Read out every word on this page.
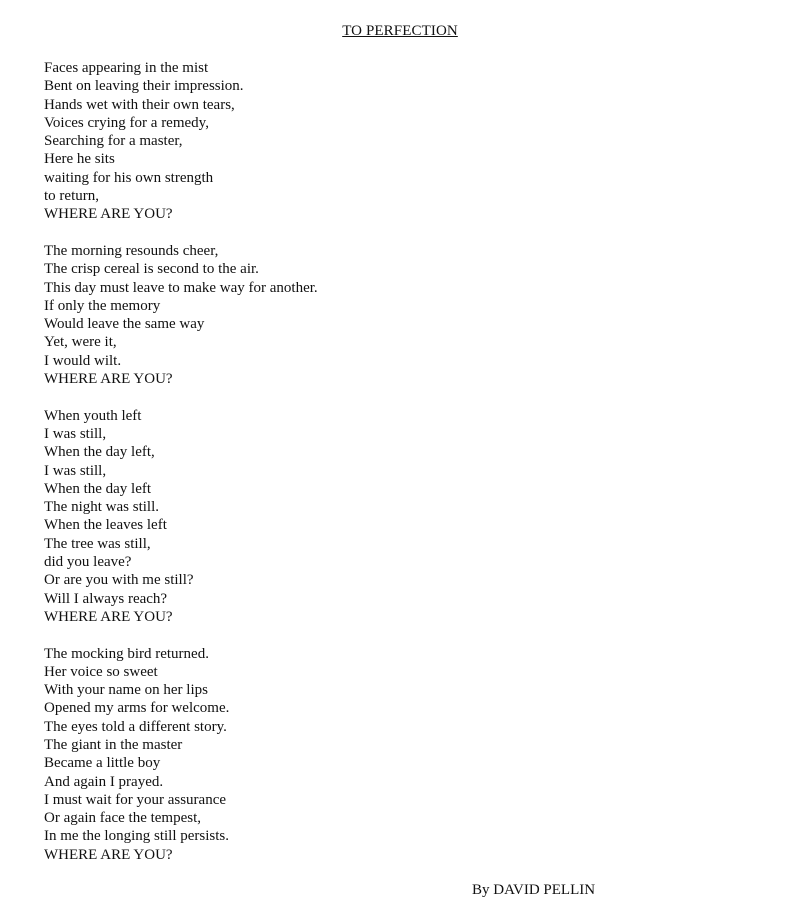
TO PERFECTION
Faces appearing in the mist
Bent on leaving their impression.
Hands wet with their own tears,
Voices crying for a remedy,
Searching for a master,
Here he sits
waiting for his own strength
to return,
WHERE ARE YOU?
The morning resounds cheer,
The crisp cereal is second to the air.
This day must leave to make way for another.
If only the memory
Would leave the same way
Yet, were it,
I would wilt.
WHERE ARE YOU?
When youth left
I was still,
When the day left,
I was still,
When the day left
The night was still.
When the leaves left
The tree was still,
did you leave?
Or are you with me still?
Will I always reach?
WHERE ARE YOU?
The mocking bird returned.
Her voice so sweet
With your name on her lips
Opened my arms for welcome.
The eyes told a different story.
The giant in the master
Became a little boy
And again I prayed.
I must wait for your assurance
Or again face the tempest,
In me the longing still persists.
WHERE ARE YOU?
By DAVID PELLIN
